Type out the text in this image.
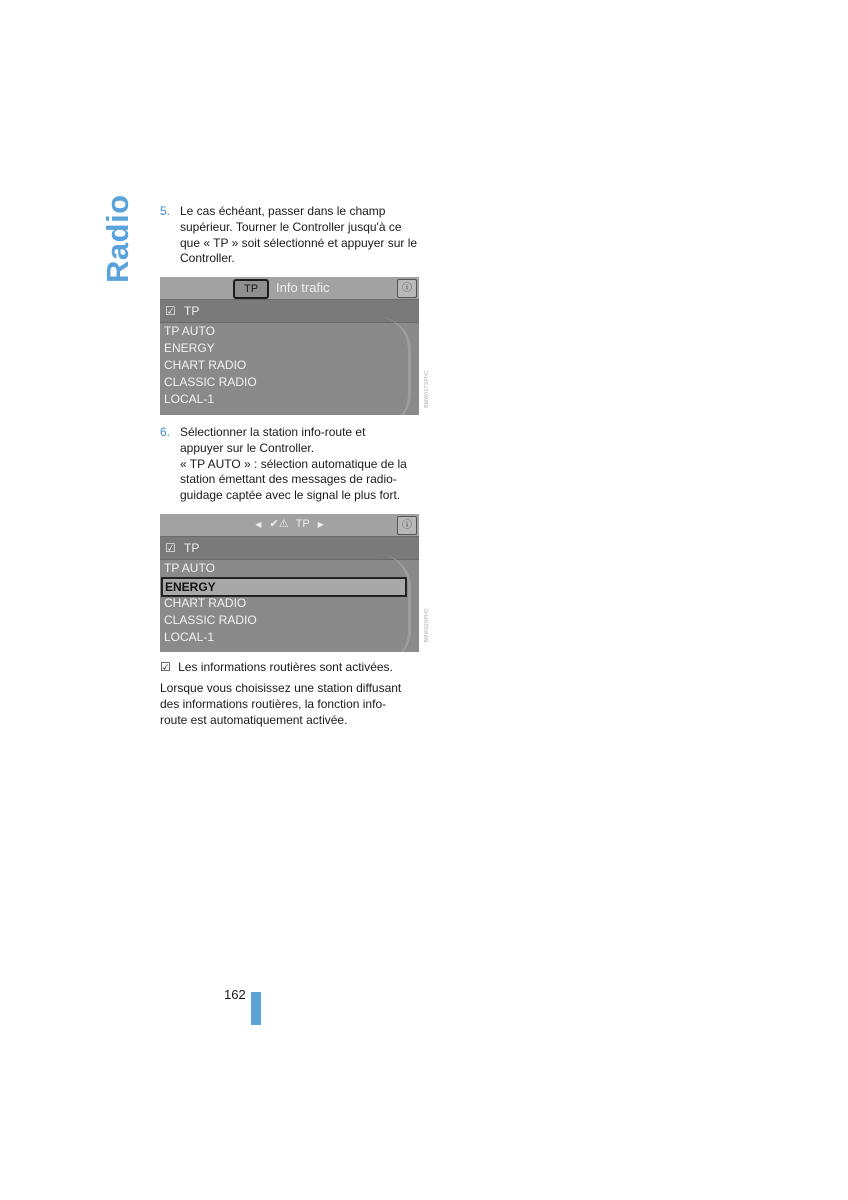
Radio 5. Le cas échéant, passer dans le champ
supérieur. Tourner le Controller jusqu'à ce
que « TP » soit sélectionné et appuyer sur le
Controller.
TP	Info trafic	ⓘ
☑ TP
TP AUTO
ENERGY
CHART RADIO
CLASSIC RADIO
LOCAL-1	BMW01TSPHC
6. Sélectionner la station info-route et
appuyer sur le Controller.
« TP AUTO » : sélection automatique de la
station émettant des messages de radio-
guidage captée avec le signal le plus fort.
◀ ✔⚠ TP ▶	ⓘ
☑ TP
TP AUTO
ENERGY
CHART RADIO
CLASSIC RADIO
LOCAL-1	BMW02SPHC
☑ Les informations routières sont activées.
Lorsque vous choisissez une station diffusant
des informations routières, la fonction info-
route est automatiquement activée.
162
